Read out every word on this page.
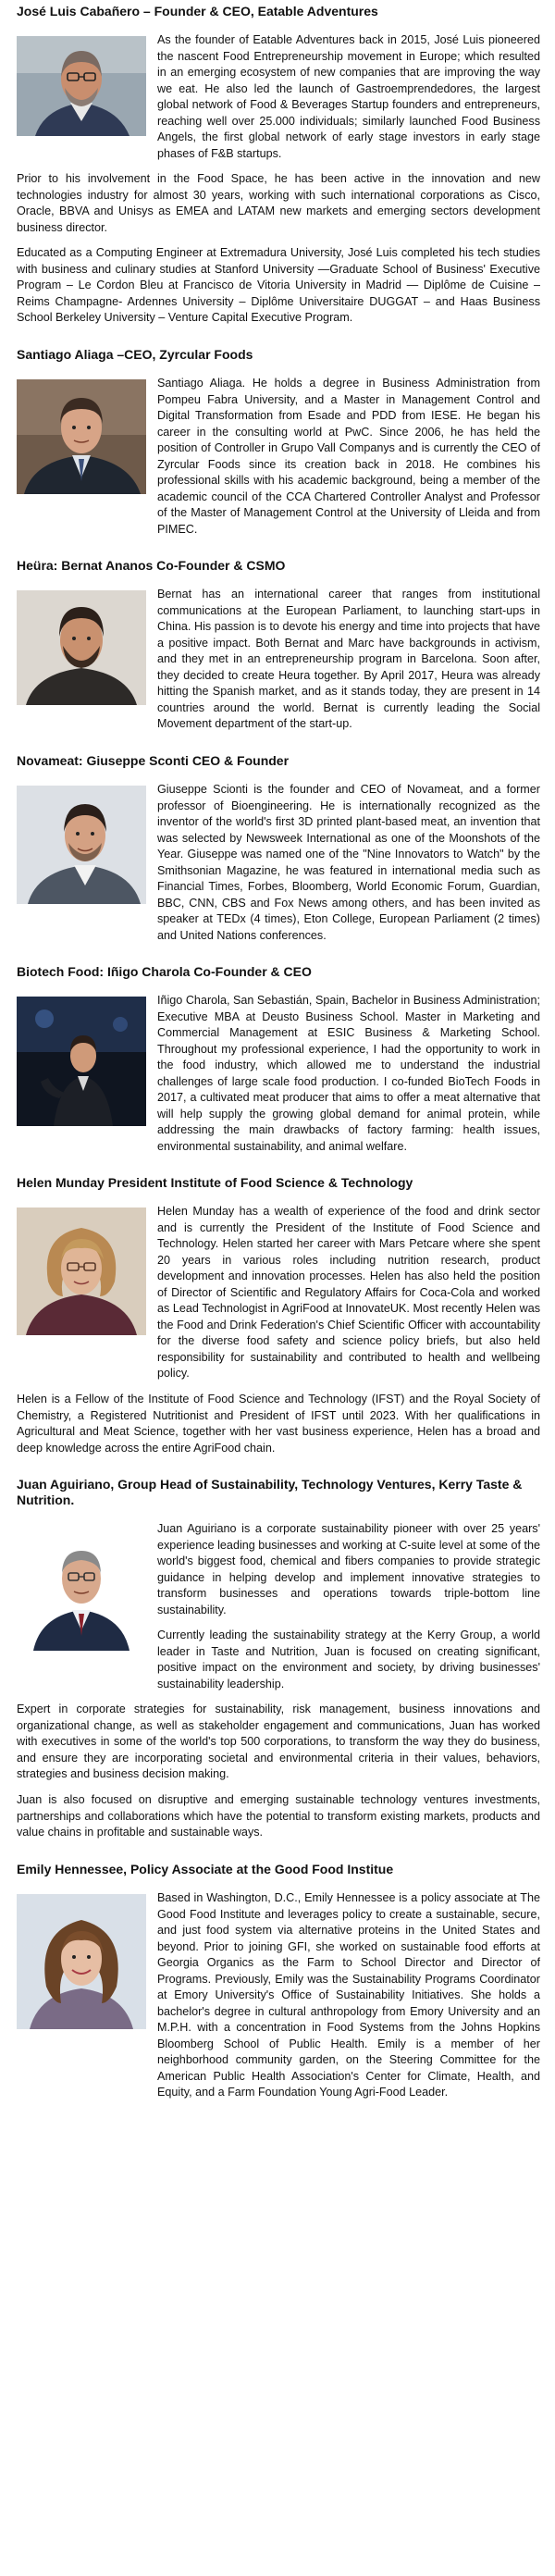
José Luis Cabañero – Founder & CEO, Eatable Adventures

As the founder of Eatable Adventures back in 2015, José Luis pioneered the nascent Food Entrepreneurship movement in Europe; which resulted in an emerging ecosystem of new companies that are improving the way we eat. He also led the launch of Gastroemprendedores, the largest global network of Food & Beverages Startup founders and entrepreneurs, reaching well over 25.000 individuals; similarly launched Food Business Angels, the first global network of early stage investors in early stage phases of F&B startups.

Prior to his involvement in the Food Space, he has been active in the innovation and new technologies industry for almost 30 years, working with such international corporations as Cisco, Oracle, BBVA and Unisys as EMEA and LATAM new markets and emerging sectors development business director.

Educated as a Computing Engineer at Extremadura University, José Luis completed his tech studies with business and culinary studies at Stanford University —Graduate School of Business' Executive Program – Le Cordon Bleu at Francisco de Vitoria University in Madrid — Diplôme de Cuisine – Reims Champagne- Ardennes University – Diplôme Universitaire DUGGAT – and Haas Business School Berkeley University – Venture Capital Executive Program.

Santiago Aliaga –CEO, Zyrcular Foods

Santiago Aliaga. He holds a degree in Business Administration from Pompeu Fabra University, and a Master in Management Control and Digital Transformation from Esade and PDD from IESE. He began his career in the consulting world at PwC. Since 2006, he has held the position of Controller in Grupo Vall Companys and is currently the CEO of Zyrcular Foods since its creation back in 2018. He combines his professional skills with his academic background, being a member of the academic council of the CCA Chartered Controller Analyst and Professor of the Master of Management Control at the University of Lleida and from PIMEC.

Heüra: Bernat Ananos Co-Founder & CSMO

Bernat has an international career that ranges from institutional communications at the European Parliament, to launching start-ups in China. His passion is to devote his energy and time into projects that have a positive impact. Both Bernat and Marc have backgrounds in activism, and they met in an entrepreneurship program in Barcelona. Soon after, they decided to create Heura together. By April 2017, Heura was already hitting the Spanish market, and as it stands today, they are present in 14 countries around the world. Bernat is currently leading the Social Movement department of the start-up.

Novameat: Giuseppe Sconti CEO & Founder

Giuseppe Scionti is the founder and CEO of Novameat, and a former professor of Bioengineering. He is internationally recognized as the inventor of the world's first 3D printed plant-based meat, an invention that was selected by Newsweek International as one of the Moonshots of the Year. Giuseppe was named one of the "Nine Innovators to Watch" by the Smithsonian Magazine, he was featured in international media such as Financial Times, Forbes, Bloomberg, World Economic Forum, Guardian, BBC, CNN, CBS and Fox News among others, and has been invited as speaker at TEDx (4 times), Eton College, European Parliament (2 times) and United Nations conferences.

Biotech Food: Iñigo Charola Co-Founder & CEO

Iñigo Charola, San Sebastián, Spain, Bachelor in Business Administration; Executive MBA at Deusto Business School. Master in Marketing and Commercial Management at ESIC Business & Marketing School. Throughout my professional experience, I had the opportunity to work in the food industry, which allowed me to understand the industrial challenges of large scale food production. I co-funded BioTech Foods in 2017, a cultivated meat producer that aims to offer a meat alternative that will help supply the growing global demand for animal protein, while addressing the main drawbacks of factory farming: health issues, environmental sustainability, and animal welfare.

Helen Munday President Institute of Food Science & Technology

Helen Munday has a wealth of experience of the food and drink sector and is currently the President of the Institute of Food Science and Technology. Helen started her career with Mars Petcare where she spent 20 years in various roles including nutrition research, product development and innovation processes. Helen has also held the position of Director of Scientific and Regulatory Affairs for Coca-Cola and worked as Lead Technologist in AgriFood at InnovateUK. Most recently Helen was the Food and Drink Federation's Chief Scientific Officer with accountability for the diverse food safety and science policy briefs, but also held responsibility for sustainability and contributed to health and wellbeing policy.

Helen is a Fellow of the Institute of Food Science and Technology (IFST) and the Royal Society of Chemistry, a Registered Nutritionist and President of IFST until 2023. With her qualifications in Agricultural and Meat Science, together with her vast business experience, Helen has a broad and deep knowledge across the entire AgriFood chain.

Juan Aguiriano, Group Head of Sustainability, Technology Ventures, Kerry Taste & Nutrition.

Juan Aguiriano is a corporate sustainability pioneer with over 25 years' experience leading businesses and working at C-suite level at some of the world's biggest food, chemical and fibers companies to provide strategic guidance in helping develop and implement innovative strategies to transform businesses and operations towards triple-bottom line sustainability.

Currently leading the sustainability strategy at the Kerry Group, a world leader in Taste and Nutrition, Juan is focused on creating significant, positive impact on the environment and society, by driving businesses' sustainability leadership.

Expert in corporate strategies for sustainability, risk management, business innovations and organizational change, as well as stakeholder engagement and communications, Juan has worked with executives in some of the world's top 500 corporations, to transform the way they do business, and ensure they are incorporating societal and environmental criteria in their values, behaviors, strategies and business decision making.

Juan is also focused on disruptive and emerging sustainable technology ventures investments, partnerships and collaborations which have the potential to transform existing markets, products and value chains in profitable and sustainable ways.

Emily Hennessee, Policy Associate at the Good Food Institue

Based in Washington, D.C., Emily Hennessee is a policy associate at The Good Food Institute and leverages policy to create a sustainable, secure, and just food system via alternative proteins in the United States and beyond. Prior to joining GFI, she worked on sustainable food efforts at Georgia Organics as the Farm to School Director and Director of Programs. Previously, Emily was the Sustainability Programs Coordinator at Emory University's Office of Sustainability Initiatives. She holds a bachelor's degree in cultural anthropology from Emory University and an M.P.H. with a concentration in Food Systems from the Johns Hopkins Bloomberg School of Public Health. Emily is a member of her neighborhood community garden, on the Steering Committee for the American Public Health Association's Center for Climate, Health, and Equity, and a Farm Foundation Young Agri-Food Leader.
